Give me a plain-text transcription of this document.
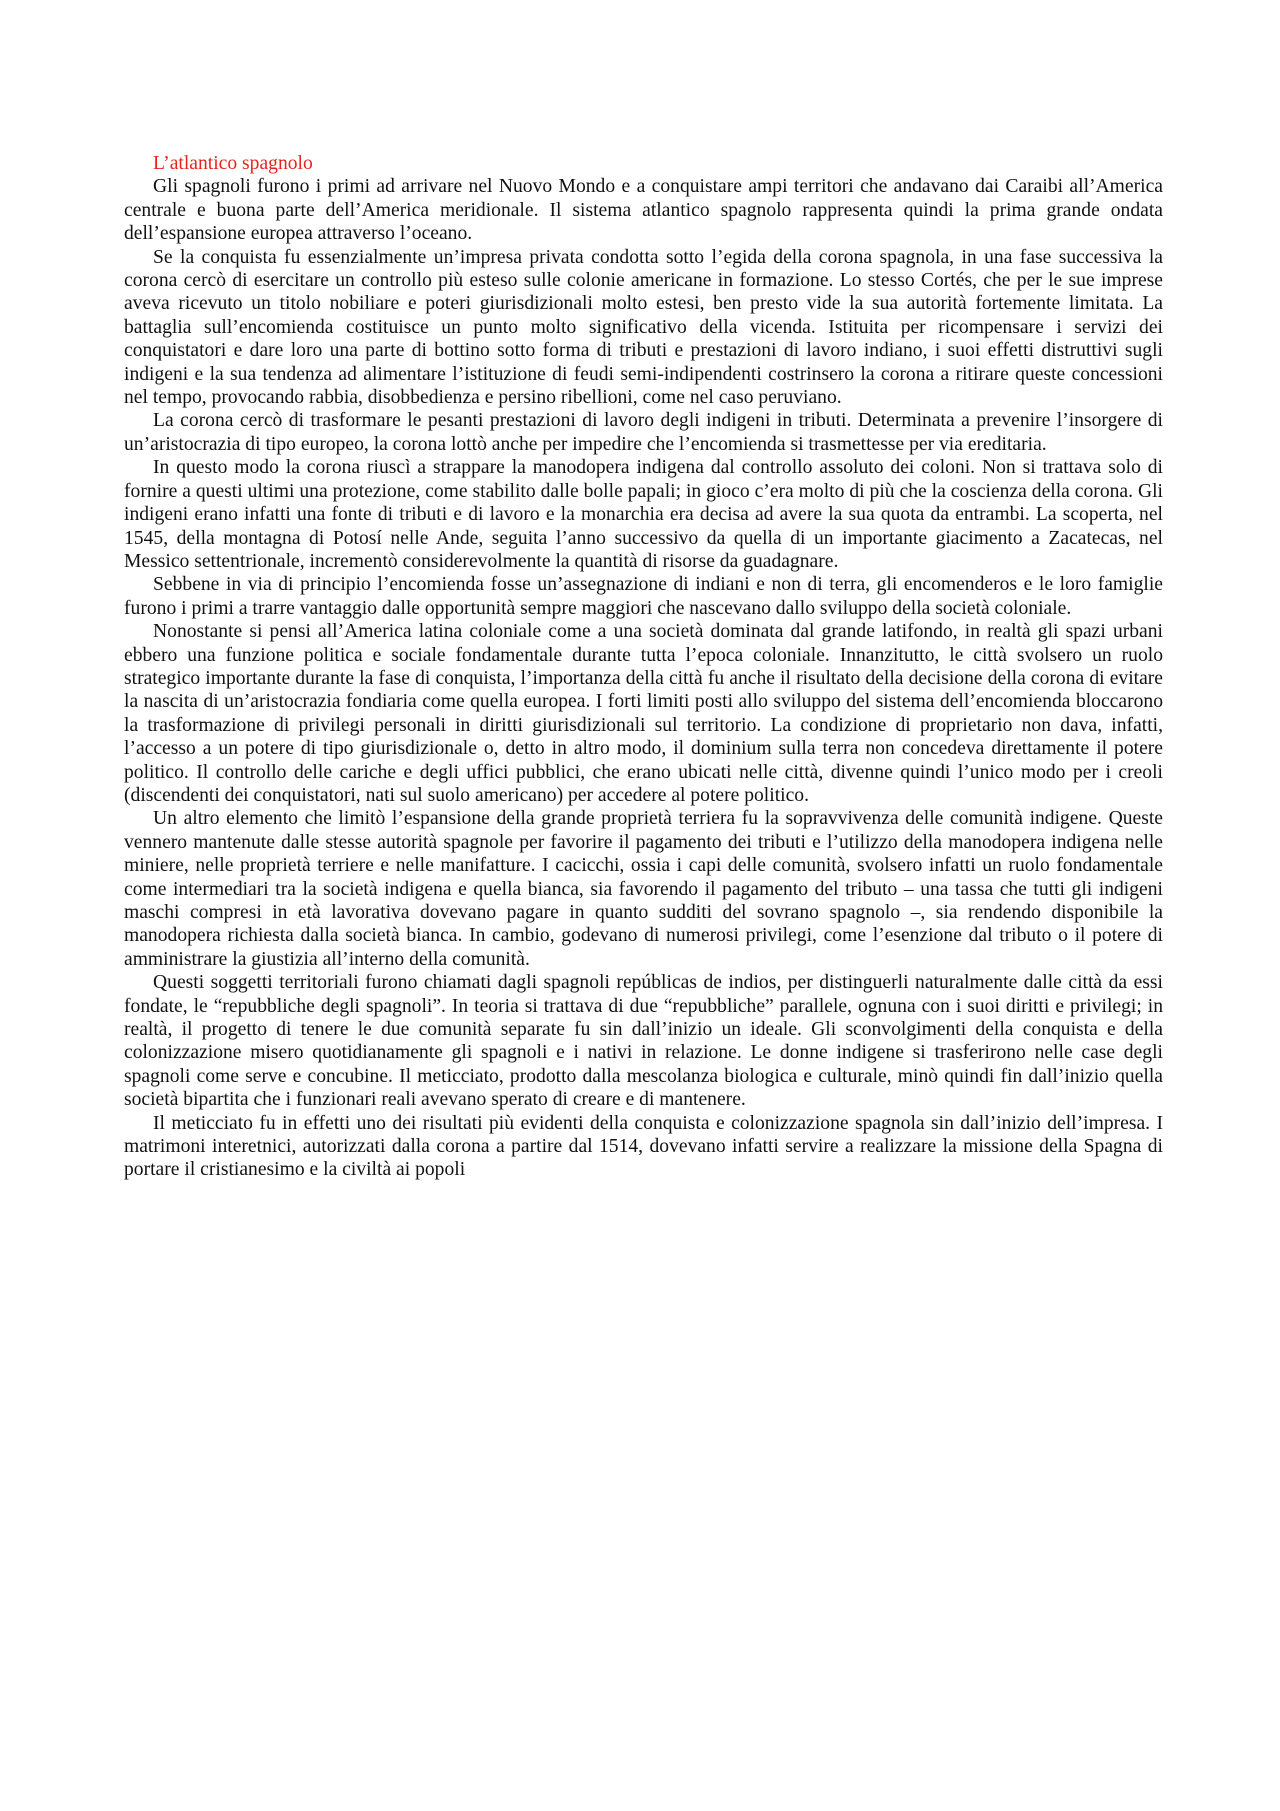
L’atlantico spagnolo

Gli spagnoli furono i primi ad arrivare nel Nuovo Mondo e a conquistare ampi territori che andavano dai Caraibi all’America centrale e buona parte dell’America meridionale. Il sistema atlantico spagnolo rappresenta quindi la prima grande ondata dell’espansione europea attraverso l’oceano.

Se la conquista fu essenzialmente un’impresa privata condotta sotto l’egida della corona spagnola, in una fase successiva la corona cercò di esercitare un controllo più esteso sulle colonie americane in formazione. Lo stesso Cortés, che per le sue imprese aveva ricevuto un titolo nobiliare e poteri giurisdizionali molto estesi, ben presto vide la sua autorità fortemente limitata. La battaglia sull’encomienda costituisce un punto molto significativo della vicenda. Istituita per ricompensare i servizi dei conquistatori e dare loro una parte di bottino sotto forma di tributi e prestazioni di lavoro indiano, i suoi effetti distruttivi sugli indigeni e la sua tendenza ad alimentare l’istituzione di feudi semi-indipendenti costrinsero la corona a ritirare queste concessioni nel tempo, provocando rabbia, disobbedienza e persino ribellioni, come nel caso peruviano.

La corona cercò di trasformare le pesanti prestazioni di lavoro degli indigeni in tributi. Determinata a prevenire l’insorgere di un’aristocrazia di tipo europeo, la corona lottò anche per impedire che l’encomienda si trasmettesse per via ereditaria.

In questo modo la corona riuscì a strappare la manodopera indigena dal controllo assoluto dei coloni. Non si trattava solo di fornire a questi ultimi una protezione, come stabilito dalle bolle papali; in gioco c’era molto di più che la coscienza della corona. Gli indigeni erano infatti una fonte di tributi e di lavoro e la monarchia era decisa ad avere la sua quota da entrambi. La scoperta, nel 1545, della montagna di Potosí nelle Ande, seguita l’anno successivo da quella di un importante giacimento a Zacatecas, nel Messico settentrionale, incrementò considerevolmente la quantità di risorse da guadagnare.

Sebbene in via di principio l’encomienda fosse un’assegnazione di indiani e non di terra, gli encomenderos e le loro famiglie furono i primi a trarre vantaggio dalle opportunità sempre maggiori che nascevano dallo sviluppo della società coloniale.

Nonostante si pensi all’America latina coloniale come a una società dominata dal grande latifondo, in realtà gli spazi urbani ebbero una funzione politica e sociale fondamentale durante tutta l’epoca coloniale. Innanzitutto, le città svolsero un ruolo strategico importante durante la fase di conquista, l’importanza della città fu anche il risultato della decisione della corona di evitare la nascita di un’aristocrazia fondiaria come quella europea. I forti limiti posti allo sviluppo del sistema dell’encomienda bloccarono la trasformazione di privilegi personali in diritti giurisdizionali sul territorio. La condizione di proprietario non dava, infatti, l’accesso a un potere di tipo giurisdizionale o, detto in altro modo, il dominium sulla terra non concedeva direttamente il potere politico. Il controllo delle cariche e degli uffici pubblici, che erano ubicati nelle città, divenne quindi l’unico modo per i creoli (discendenti dei conquistatori, nati sul suolo americano) per accedere al potere politico.

Un altro elemento che limitò l’espansione della grande proprietà terriera fu la sopravvivenza delle comunità indigene. Queste vennero mantenute dalle stesse autorità spagnole per favorire il pagamento dei tributi e l’utilizzo della manodopera indigena nelle miniere, nelle proprietà terriere e nelle manifatture. I cacicchi, ossia i capi delle comunità, svolsero infatti un ruolo fondamentale come intermediari tra la società indigena e quella bianca, sia favorendo il pagamento del tributo – una tassa che tutti gli indigeni maschi compresi in età lavorativa dovevano pagare in quanto sudditi del sovrano spagnolo –, sia rendendo disponibile la manodopera richiesta dalla società bianca. In cambio, godevano di numerosi privilegi, come l’esenzione dal tributo o il potere di amministrare la giustizia all’interno della comunità.

Questi soggetti territoriali furono chiamati dagli spagnoli repúblicas de indios, per distinguerli naturalmente dalle città da essi fondate, le “repubbliche degli spagnoli”. In teoria si trattava di due “repubbliche” parallele, ognuna con i suoi diritti e privilegi; in realtà, il progetto di tenere le due comunità separate fu sin dall’inizio un ideale. Gli sconvolgimenti della conquista e della colonizzazione misero quotidianamente gli spagnoli e i nativi in relazione. Le donne indigene si trasferirono nelle case degli spagnoli come serve e concubine. Il meticciato, prodotto dalla mescolanza biologica e culturale, minò quindi fin dall’inizio quella società bipartita che i funzionari reali avevano sperato di creare e di mantenere.

Il meticciato fu in effetti uno dei risultati più evidenti della conquista e colonizzazione spagnola sin dall’inizio dell’impresa. I matrimoni interetnici, autorizzati dalla corona a partire dal 1514, dovevano infatti servire a realizzare la missione della Spagna di portare il cristianesimo e la civiltà ai popoli
